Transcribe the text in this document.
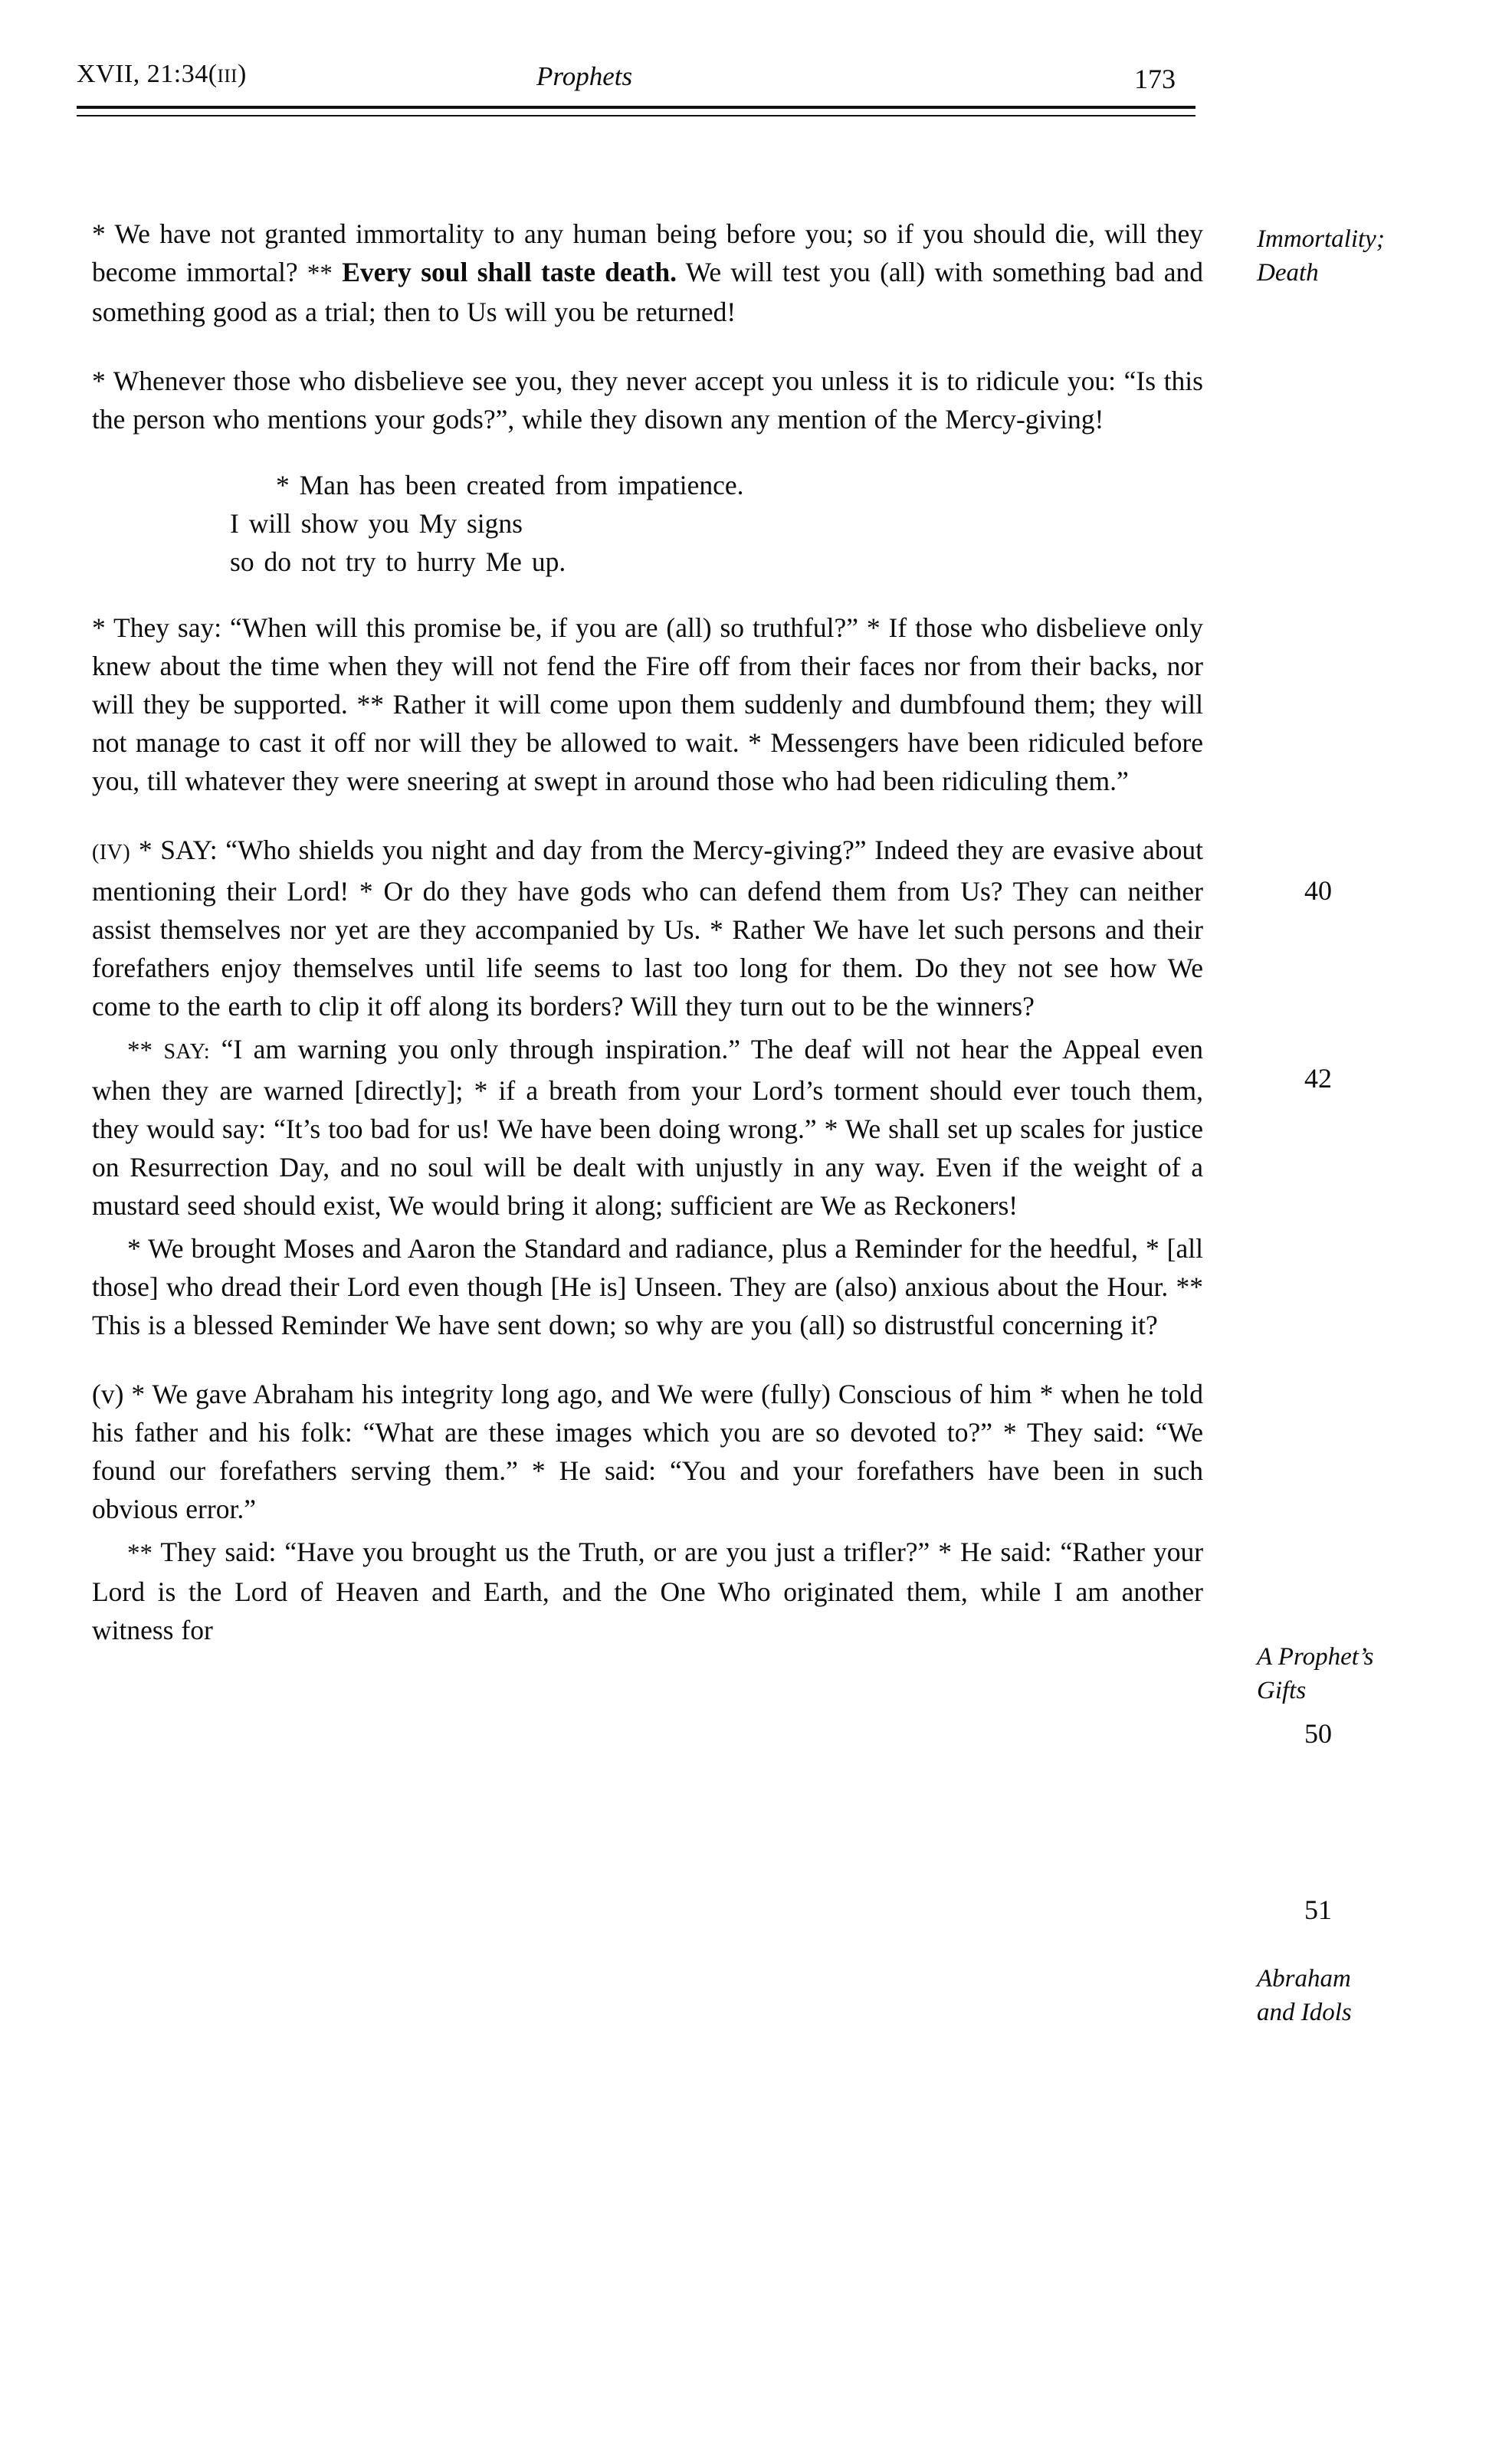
XVII, 21:34(III)	Prophets	173

* We have not granted immortality to any human being before you; so if you should die, will they become immortal? ** Every soul shall taste death. We will test you (all) with something bad and something good as a trial; then to Us will you be returned!

* Whenever those who disbelieve see you, they never accept you unless it is to ridicule you: “Is this the person who mentions your gods?”, while they disown any mention of the Mercy-giving!

* Man has been created from impatience.
I will show you My signs
so do not try to hurry Me up.

* They say: “When will this promise be, if you are (all) so truthful?” * If those who disbelieve only knew about the time when they will not fend the Fire off from their faces nor from their backs, nor will they be supported. ** Rather it will come upon them suddenly and dumbfound them; they will not manage to cast it off nor will they be allowed to wait. * Messengers have been ridiculed before you, till whatever they were sneering at swept in around those who had been ridiculing them.”

(IV) * SAY: “Who shields you night and day from the Mercy-giving?” Indeed they are evasive about mentioning their Lord! * Or do they have gods who can defend them from Us? They can neither assist themselves nor yet are they accompanied by Us. * Rather We have let such persons and their forefathers enjoy themselves until life seems to last too long for them. Do they not see how We come to the earth to clip it off along its borders? Will they turn out to be the winners?

** SAY: “I am warning you only through inspiration.” The deaf will not hear the Appeal even when they are warned [directly]; * if a breath from your Lord’s torment should ever touch them, they would say: “It’s too bad for us! We have been doing wrong.” * We shall set up scales for justice on Resurrection Day, and no soul will be dealt with unjustly in any way. Even if the weight of a mustard seed should exist, We would bring it along; sufficient are We as Reckoners!

* We brought Moses and Aaron the Standard and radiance, plus a Reminder for the heedful, * [all those] who dread their Lord even though [He is] Unseen. They are (also) anxious about the Hour. ** This is a blessed Reminder We have sent down; so why are you (all) so distrustful concerning it?

(v) * We gave Abraham his integrity long ago, and We were (fully) Conscious of him * when he told his father and his folk: “What are these images which you are so devoted to?” * They said: “We found our forefathers serving them.” * He said: “You and your forefathers have been in such obvious error.”

** They said: “Have you brought us the Truth, or are you just a trifler?” * He said: “Rather your Lord is the Lord of Heaven and Earth, and the One Who originated them, while I am another witness for

Immortality;
Death
40
42
A Prophet’s
Gifts
50
51
Abraham
and Idols
